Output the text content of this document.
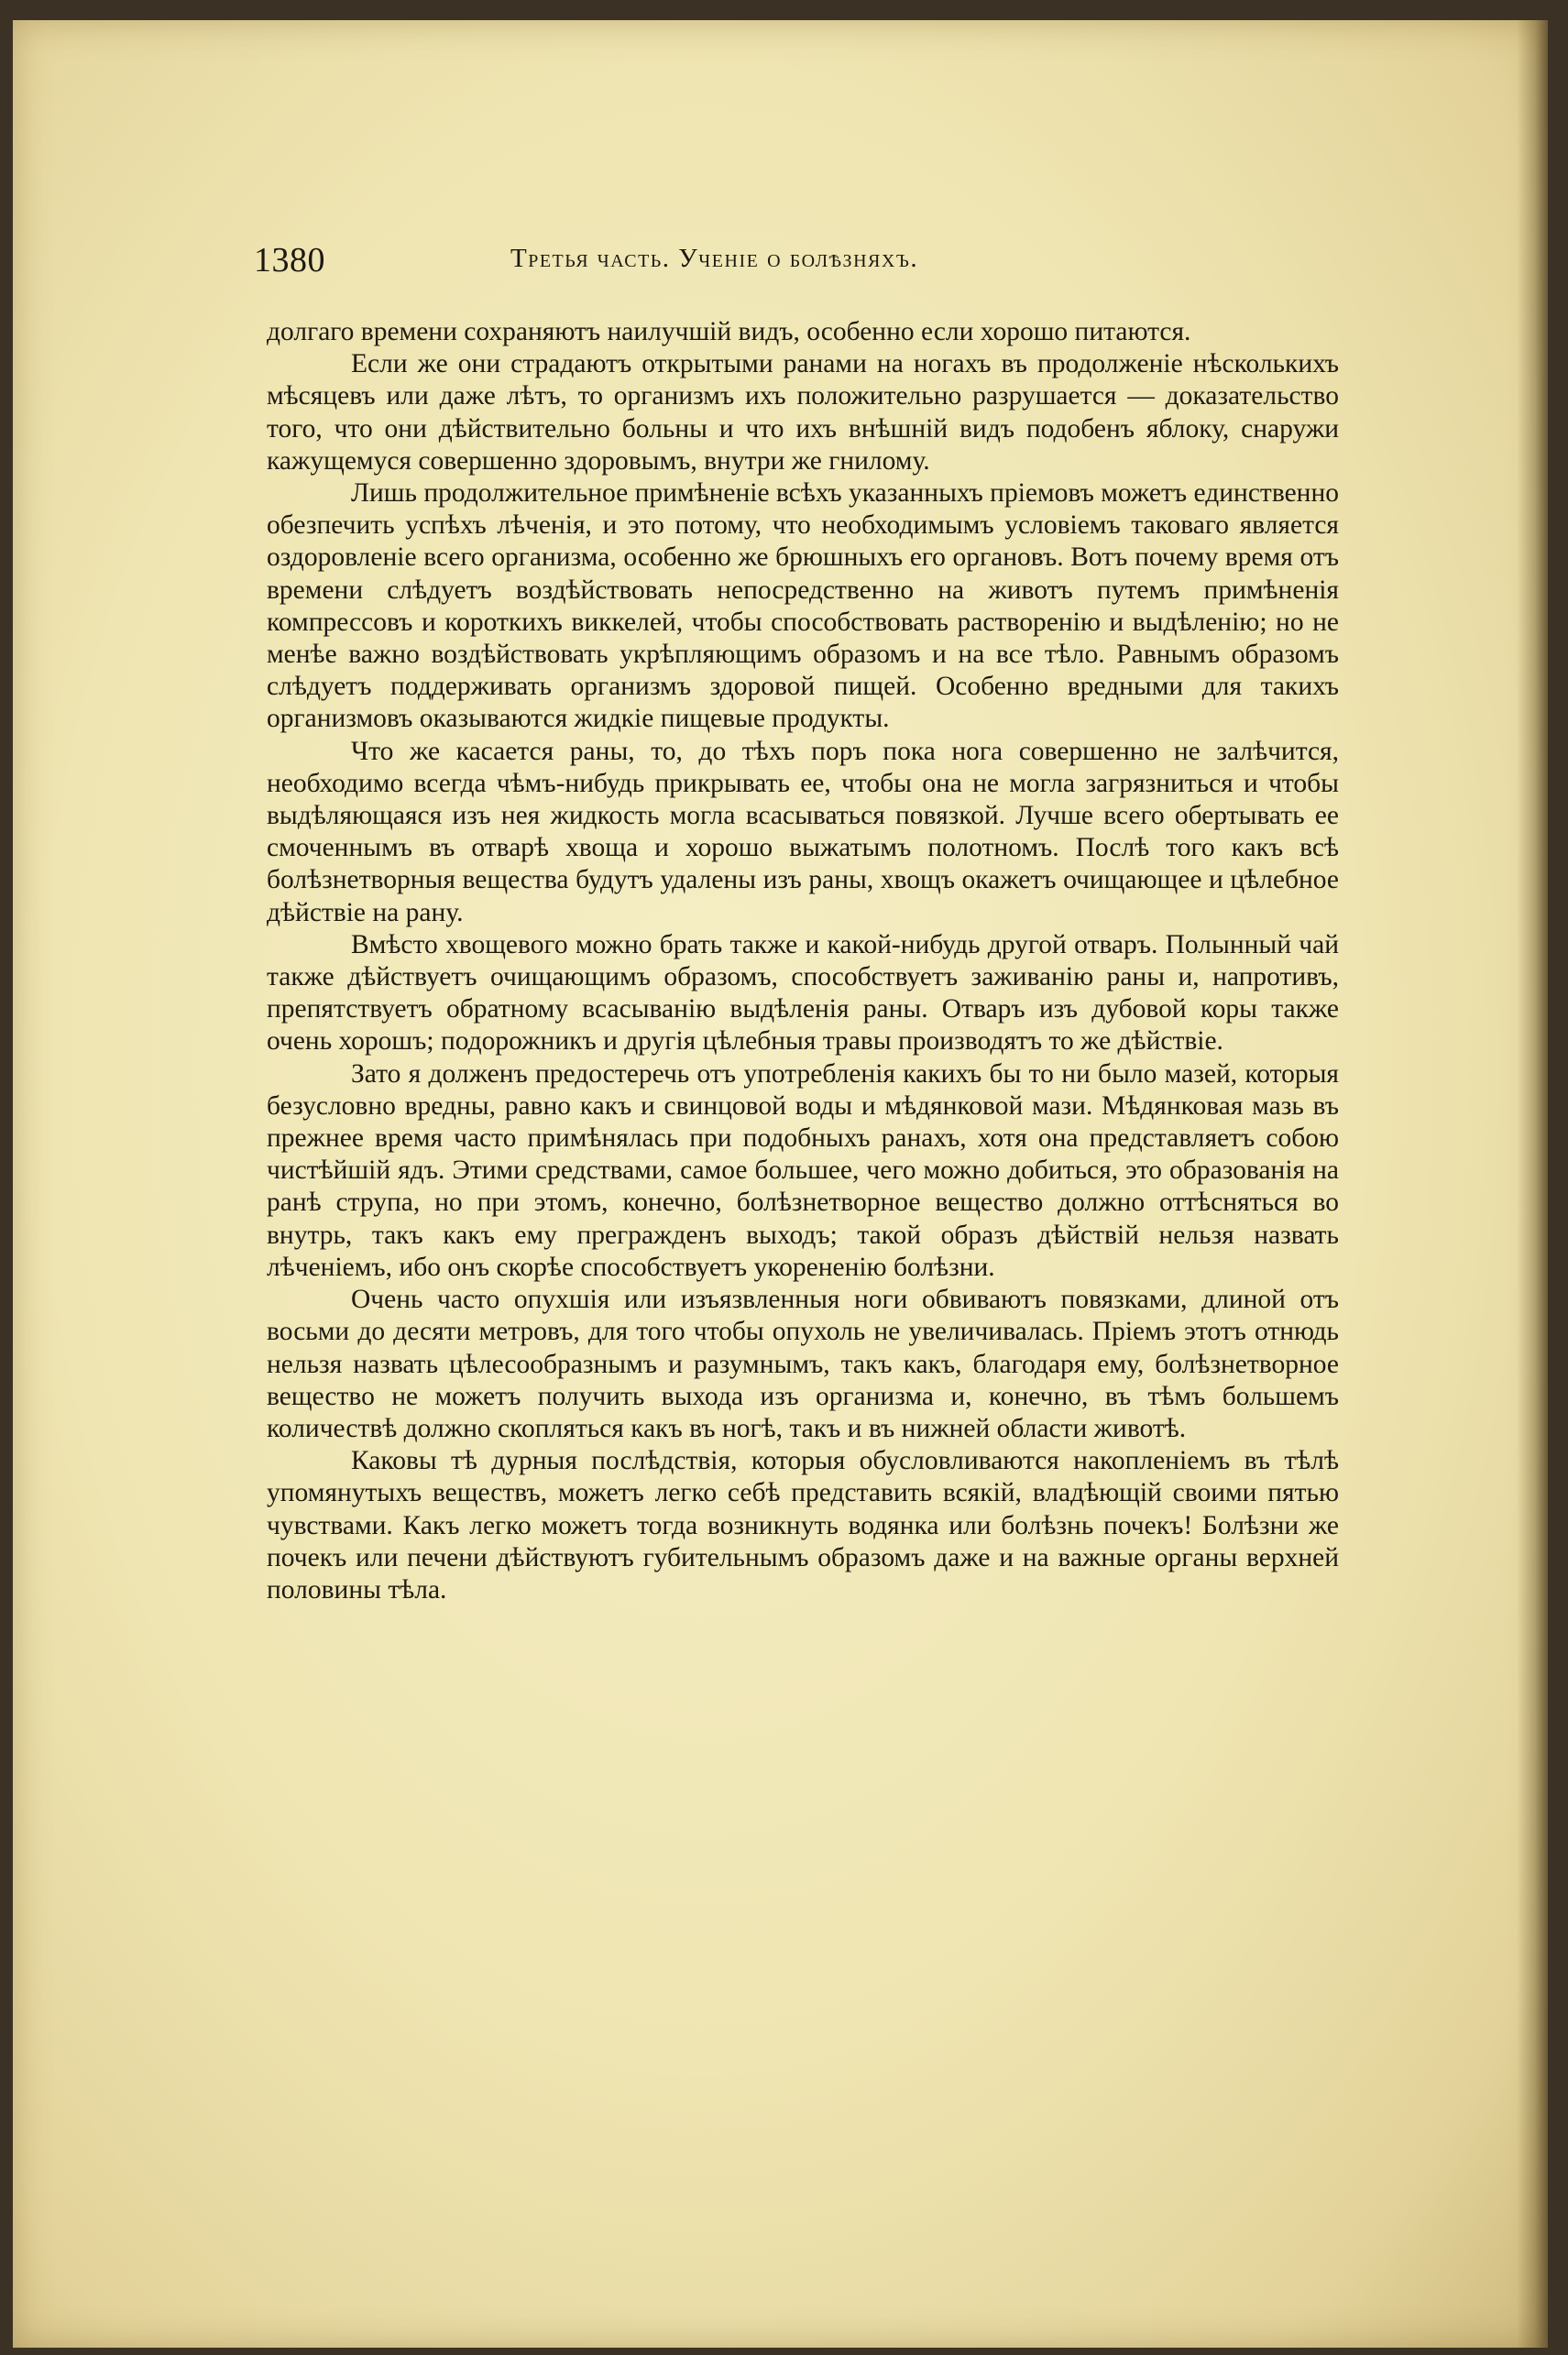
1380	Третья часть. Ученіе о болѣзняхъ.

долгаго времени сохраняютъ наилучшій видъ, особенно если хорошо питаются.

Если же они страдаютъ открытыми ранами на ногахъ въ продолженіе нѣсколькихъ мѣсяцевъ или даже лѣтъ, то организмъ ихъ положительно разрушается — доказательство того, что они дѣйствительно больны и что ихъ внѣшній видъ подобенъ яблоку, снаружи кажущемуся совершенно здоровымъ, внутри же гнилому.

Лишь продолжительное примѣненіе всѣхъ указанныхъ пріемовъ можетъ единственно обезпечить успѣхъ лѣченія, и это потому, что необходимымъ условіемъ таковаго является оздоровленіе всего организма, особенно же брюшныхъ его органовъ. Вотъ почему время отъ времени слѣдуетъ воздѣйствовать непосредственно на животъ путемъ примѣненія компрессовъ и короткихъ виккелей, чтобы способствовать раствoренію и выдѣленію; но не менѣе важно воздѣйствовать укрѣпляющимъ образомъ и на все тѣло. Равнымъ образомъ слѣдуетъ поддерживать организмъ здоровой пищей. Особенно вредными для такихъ организмовъ оказываются жидкіе пищевые продукты.

Что же касается раны, то, до тѣхъ поръ пока нога совершенно не залѣчится, необходимо всегда чѣмъ-нибудь прикрывать ее, чтобы она не могла загрязниться и чтобы выдѣляющаяся изъ нея жидкость могла всасываться повязкой. Лучше всего обертывать ее смоченнымъ въ отварѣ хвоща и хорошо выжатымъ полотномъ. Послѣ того какъ всѣ болѣзнетворныя вещества будутъ удалены изъ раны, хвощъ окажетъ очищающее и цѣлебное дѣйствіе на рану.

Вмѣсто хвощевого можно брать также и какой-нибудь другой отваръ. Полынный чай также дѣйствуетъ очищающимъ образомъ, способствуетъ заживанію раны и, напротивъ, препятствуетъ обратному всасыванію выдѣленія раны. Отваръ изъ дубовой коры также очень хорошъ; подорожникъ и другія цѣлебныя травы производятъ то же дѣйствіе.

Зато я долженъ предостеречь отъ употребленія какихъ бы то ни было мазей, которыя безусловно вредны, равно какъ и свинцовой воды и мѣдянковой мази. Мѣдянковая мазь въ прежнее время часто примѣнялась при подобныхъ ранахъ, хотя она представляетъ собою чистѣйшій ядъ. Этими средствами, самое большее, чего можно добиться, это образованія на ранѣ струпа, но при этомъ, конечно, болѣзнетворное вещество должно оттѣсняться во внутрь, такъ какъ ему прегражденъ выходъ; такой образъ дѣйствій нельзя назвать лѣченіемъ, ибо онъ скорѣе способствуетъ укорененію болѣзни.

Очень часто опухшія или изъязвленныя ноги обвиваютъ повязками, длиной отъ восьми до десяти метровъ, для того чтобы опухоль не увеличивалась. Пріемъ этотъ отнюдь нельзя назвать цѣлесообразнымъ и разумнымъ, такъ какъ, благодаря ему, болѣзнетворное вещество не можетъ получить выхода изъ организма и, конечно, въ тѣмъ большемъ количествѣ должно скопляться какъ въ ногѣ, такъ и въ нижней области животѣ.

Каковы тѣ дурныя послѣдствія, которыя обусловливаются накопленіемъ въ тѣлѣ упомянутыхъ веществъ, можетъ легко себѣ представить всякій, владѣющій своими пятью чувствами. Какъ легко можетъ тогда возникнуть водянка или болѣзнь почекъ! Болѣзни же почекъ или печени дѣйствуютъ губительнымъ образомъ даже и на важные органы верхней половины тѣла.
